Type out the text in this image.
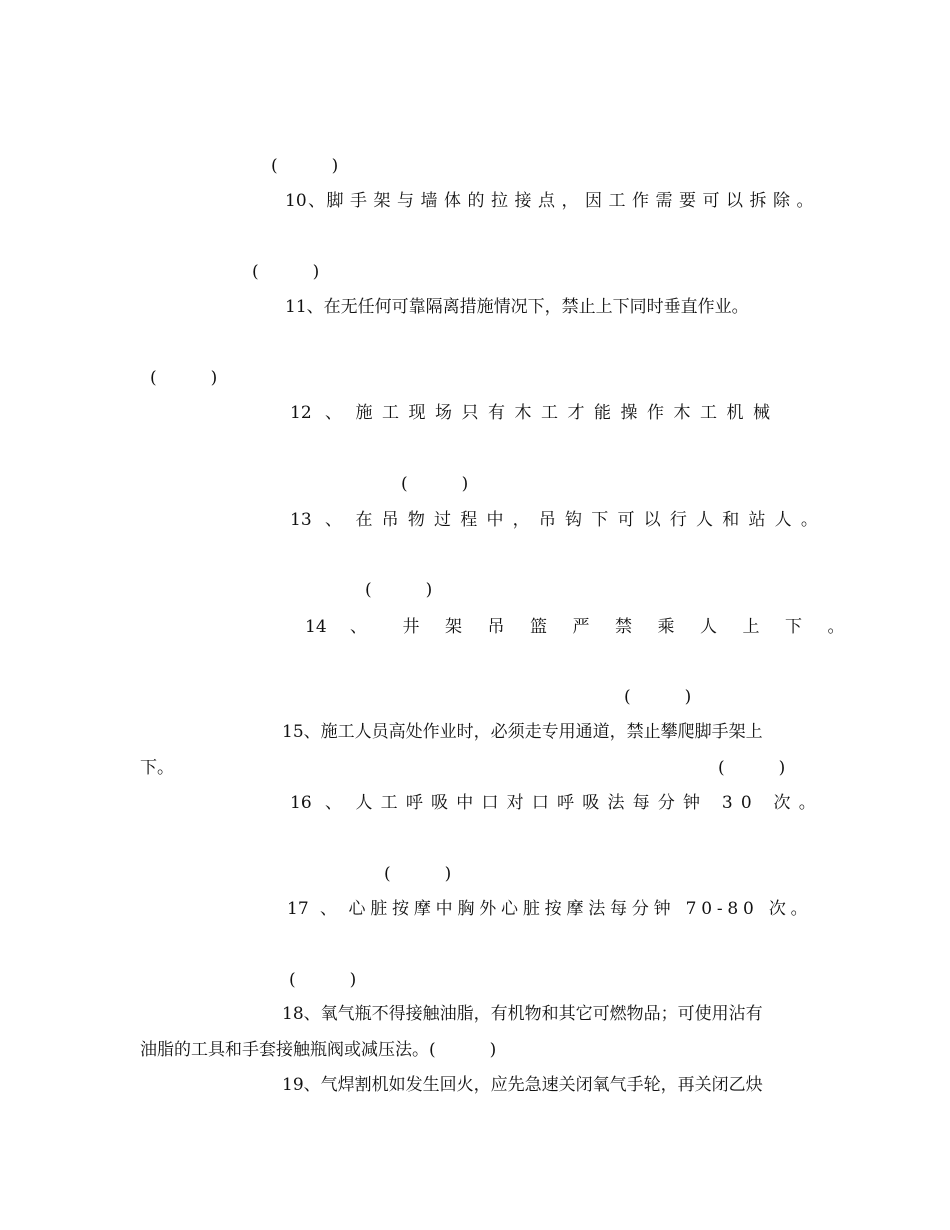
(          )
10 、 脚手架与墙体的拉接点，因工作需要可以拆除。
(          )
11、在无任何可靠隔离措施情况下，禁止上下同时垂直作业。
(          )
12 、 施工现场只有木工才能操作木工机械
(          )
13 、 在吊物过程中，吊钩下可以行人和站人。
(          )
14 、 井架吊篮严禁乘人上下。
(          )
15、施工人员高处作业时，必须走专用通道，禁止攀爬脚手架上
下。	(          )
16 、 人工呼吸中口对口呼吸法每分钟 30 次。
(          )
17 、 心脏按摩中胸外心脏按摩法每分钟 70-80 次。
(          )
18、氧气瓶不得接触油脂，有机物和其它可燃物品；可使用沾有
油脂的工具和手套接触瓶阀或减压法。(          )
19、气焊割机如发生回火，应先急速关闭氧气手轮，再关闭乙炔
